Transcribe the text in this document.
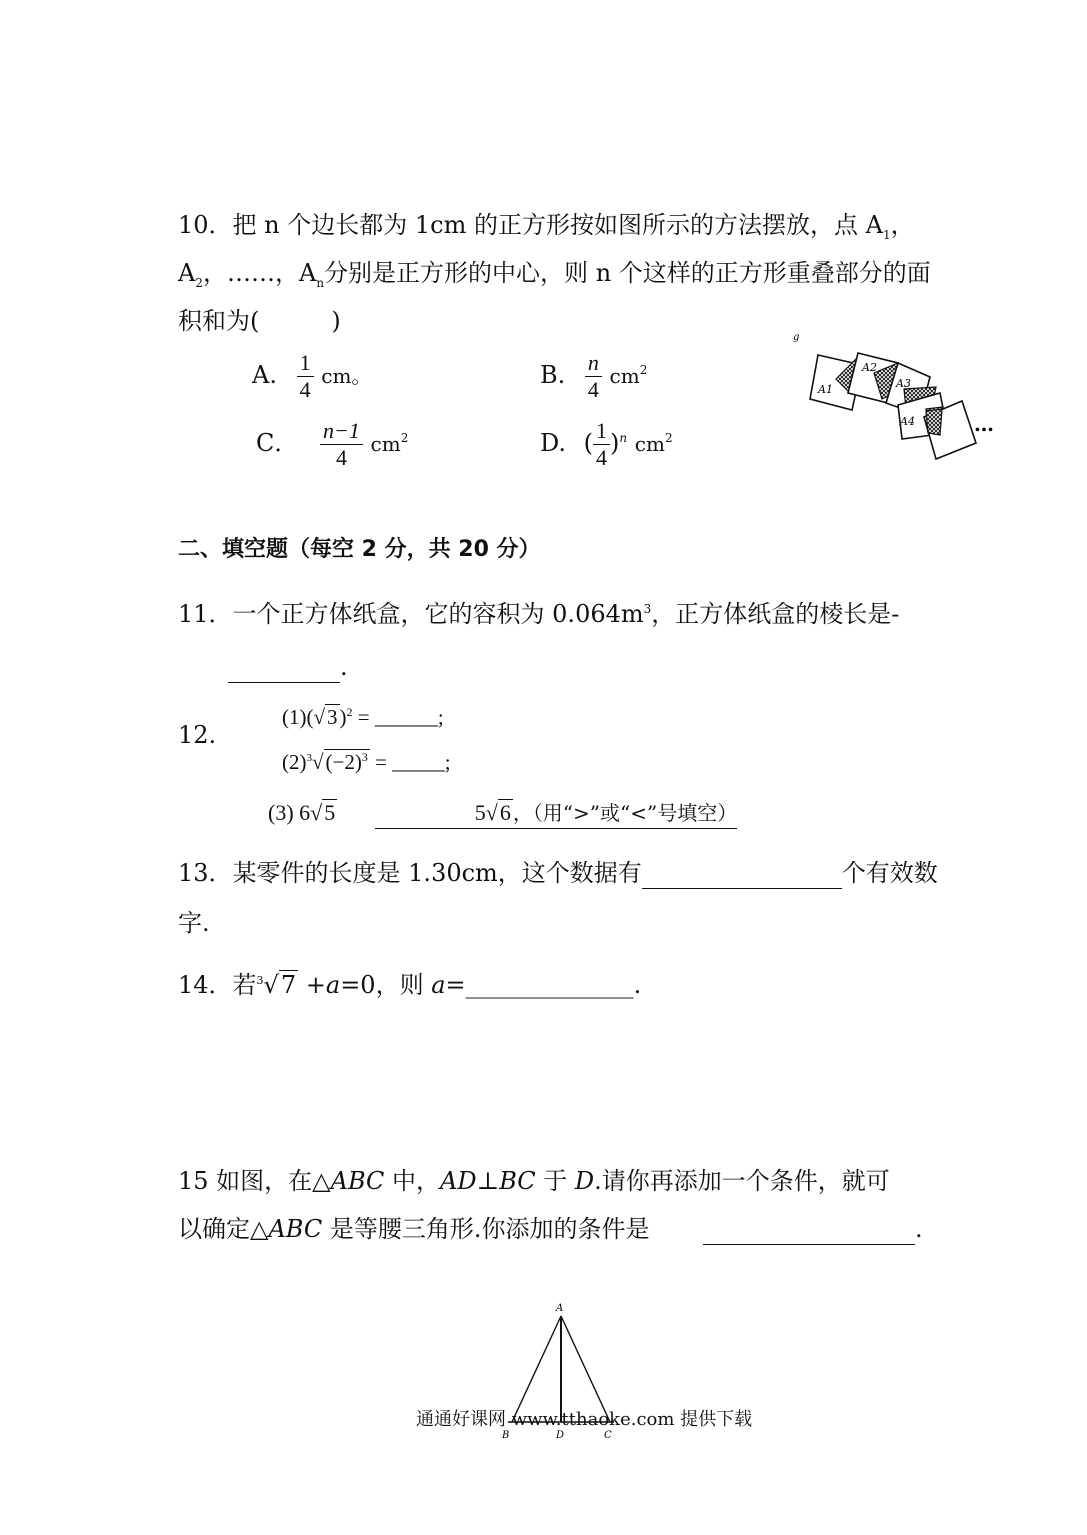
10．把 n 个边长都为 1cm 的正方形按如图所示的方法摆放，点 $A_1$，
$A_2$，……，$A_n$分别是正方形的中心，则 n 个这样的正方形重叠部分的面
积和为(　　　)
A. $\frac{1}{4}$ cm。	B. $\frac{n}{4} cm^2$
C． $\frac{n-1}{4} cm^2$	D. ( $\frac{1}{4} )^n$ $cm^2$
g
A1
A2
A3
A4	…
二、填空题（每空 2 分，共 20 分）
11．一个正方体纸盒，它的容积为 $0.064m^3$，正方体纸盒的棱长是-
.
12.
$(1)(√3)^2$ = ______;
$(2)^3√(-2)^3$ = _____;
(3) 6√5	5√6 ，（用“>”或“<”号填空）
13．某零件的长度是 1.30cm，这个数据有	个有效数
字.
14．若$^3$√7 +a=0，则 a=______________.
15 如图，在△ABC 中，AD⊥BC 于 D.请你再添加一个条件，就可
以确定△ABC 是等腰三角形.你添加的条件是	.
A
B	D	C
通通好课网 www.tthaoke.com 提供下载
